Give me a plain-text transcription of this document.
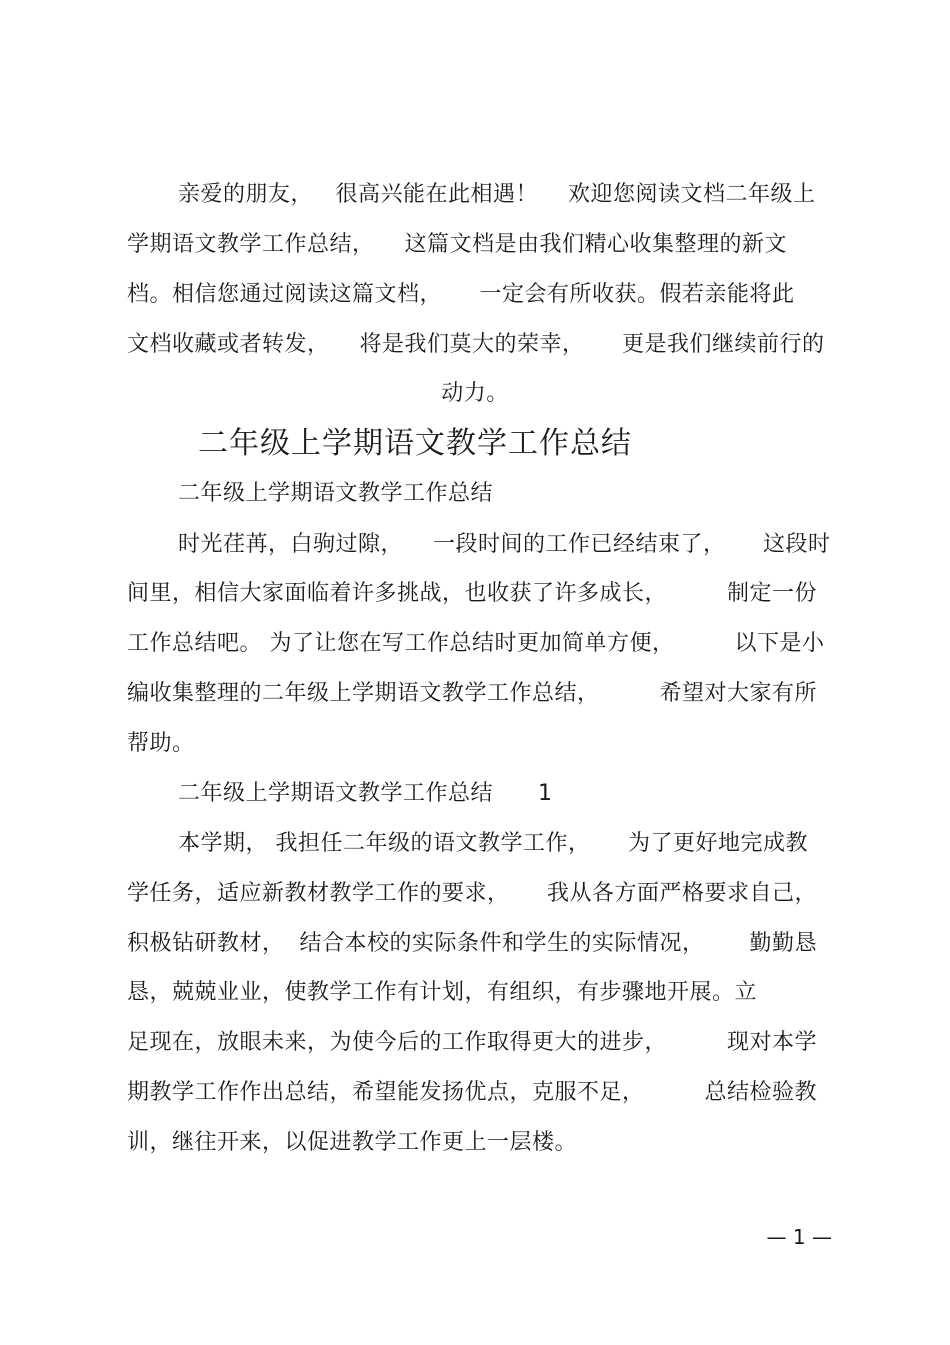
亲爱的朋友，   很高兴能在此相遇！    欢迎您阅读文档二年级上
学期语文教学工作总结，    这篇文档是由我们精心收集整理的新文
档。相信您通过阅读这篇文档，     一定会有所收获。假若亲能将此
文档收藏或者转发，    将是我们莫大的荣幸，     更是我们继续前行的
动力。
二年级上学期语文教学工作总结
二年级上学期语文教学工作总结
时光荏苒，白驹过隙，    一段时间的工作已经结束了，     这段时
间里，相信大家面临着许多挑战，也收获了许多成长，        制定一份
工作总结吧。 为了让您在写工作总结时更加简单方便，        以下是小
编收集整理的二年级上学期语文教学工作总结，        希望对大家有所
帮助。
二年级上学期语文教学工作总结      1
本学期， 我担任二年级的语文教学工作，     为了更好地完成教
学任务，适应新教材教学工作的要求，     我从各方面严格要求自己，
积极钻研教材，  结合本校的实际条件和学生的实际情况，      勤勤恳
恳，兢兢业业，使教学工作有计划，有组织，有步骤地开展。立
足现在，放眼未来，为使今后的工作取得更大的进步，        现对本学
期教学工作作出总结，希望能发扬优点，克服不足，        总结检验教
训，继往开来，以促进教学工作更上一层楼。
— 1 —
